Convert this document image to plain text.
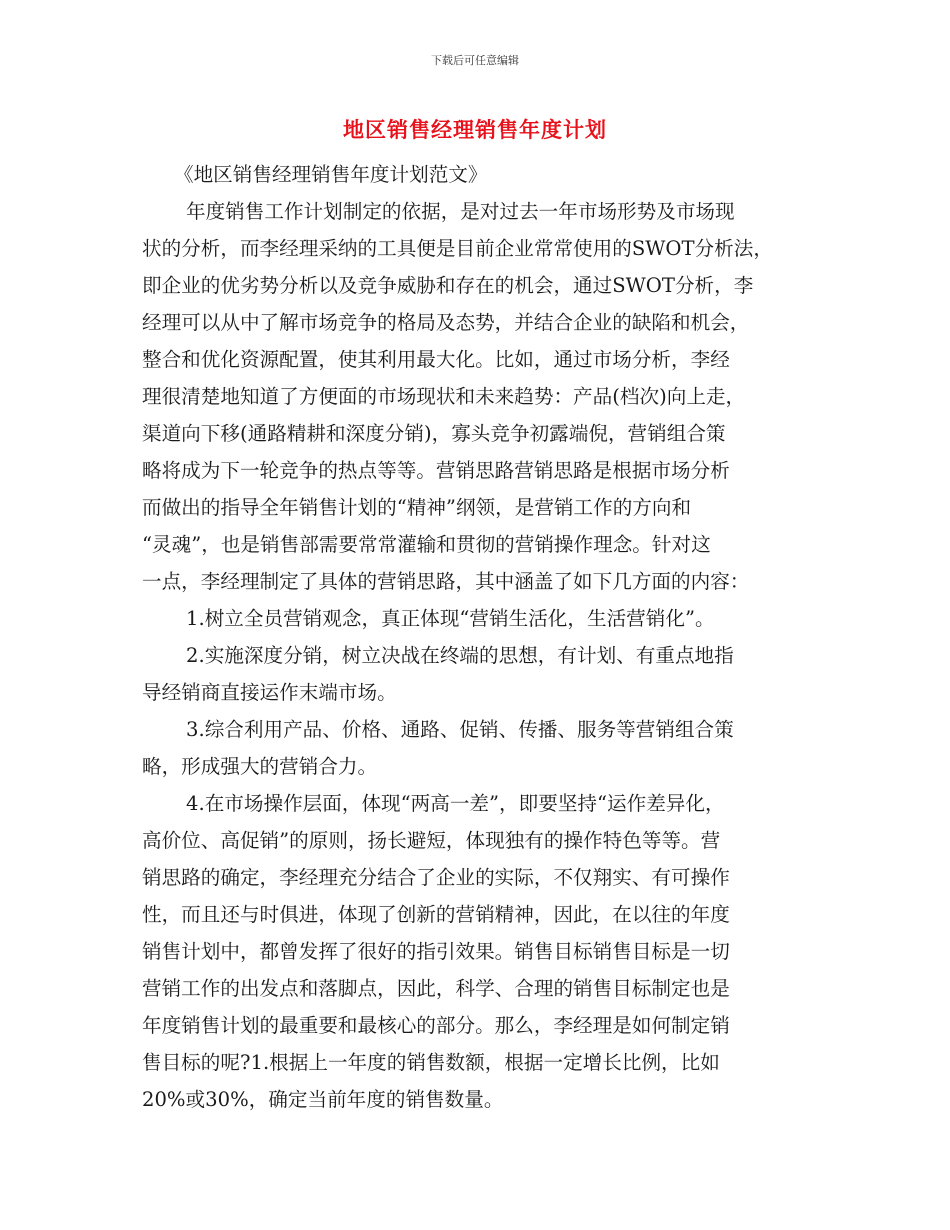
下载后可任意编辑
地区销售经理销售年度计划
《地区销售经理销售年度计划范文》
年度销售工作计划制定的依据，是对过去一年市场形势及市场现
状的分析，而李经理采纳的工具便是目前企业常常使用的SWOT分析法，
即企业的优劣势分析以及竞争威胁和存在的机会，通过SWOT分析，李
经理可以从中了解市场竞争的格局及态势，并结合企业的缺陷和机会，
整合和优化资源配置，使其利用最大化。比如，通过市场分析，李经
理很清楚地知道了方便面的市场现状和未来趋势：产品(档次)向上走，
渠道向下移(通路精耕和深度分销)，寡头竞争初露端倪，营销组合策
略将成为下一轮竞争的热点等等。营销思路营销思路是根据市场分析
而做出的指导全年销售计划的“精神”纲领，是营销工作的方向和
“灵魂”，也是销售部需要常常灌输和贯彻的营销操作理念。针对这
一点，李经理制定了具体的营销思路，其中涵盖了如下几方面的内容：
1.树立全员营销观念，真正体现“营销生活化，生活营销化”。
2.实施深度分销，树立决战在终端的思想，有计划、有重点地指
导经销商直接运作末端市场。
3.综合利用产品、价格、通路、促销、传播、服务等营销组合策
略，形成强大的营销合力。
4.在市场操作层面，体现“两高一差”，即要坚持“运作差异化，
高价位、高促销”的原则，扬长避短，体现独有的操作特色等等。营
销思路的确定，李经理充分结合了企业的实际，不仅翔实、有可操作
性，而且还与时俱进，体现了创新的营销精神，因此，在以往的年度
销售计划中，都曾发挥了很好的指引效果。销售目标销售目标是一切
营销工作的出发点和落脚点，因此，科学、合理的销售目标制定也是
年度销售计划的最重要和最核心的部分。那么，李经理是如何制定销
售目标的呢?1.根据上一年度的销售数额，根据一定增长比例，比如
20%或30%，确定当前年度的销售数量。
